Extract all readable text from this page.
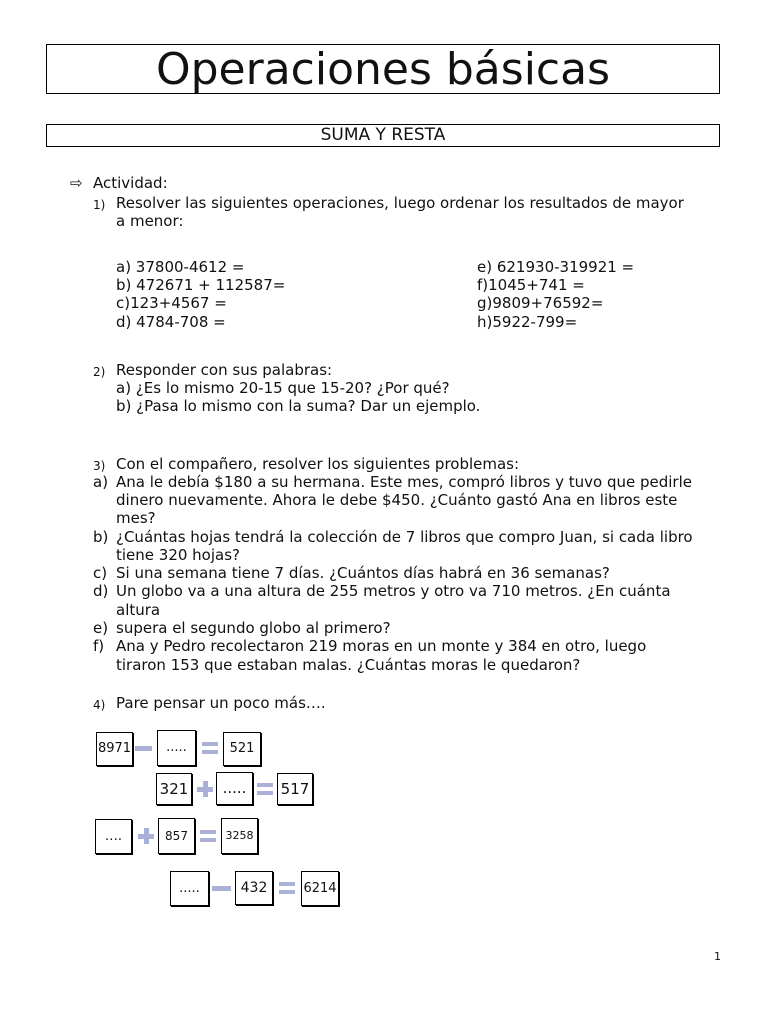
Operaciones básicas
SUMA Y RESTA
⇨ Actividad:
1) Resolver las siguientes operaciones, luego ordenar los resultados de mayor
a menor:
a) 37800-4612 =
b) 472671 + 112587=
c)123+4567 =
d) 4784-708 =
e) 621930-319921 =
f)1045+741 =
g)9809+76592=
h)5922-799=
2) Responder con sus palabras:
a) ¿Es lo mismo 20-15 que 15-20? ¿Por qué?
b) ¿Pasa lo mismo con la suma? Dar un ejemplo.
3) Con el compañero, resolver los siguientes problemas:
a) Ana le debía $180 a su hermana. Este mes, compró libros y tuvo que pedirle
dinero nuevamente. Ahora le debe $450. ¿Cuánto gastó Ana en libros este
mes?
b) ¿Cuántas hojas tendrá la colección de 7 libros que compro Juan, si cada libro
tiene 320 hojas?
c) Si una semana tiene 7 días. ¿Cuántos días habrá en 36 semanas?
d) Un globo va a una altura de 255 metros y otro va 710 metros. ¿En cuánta
altura
e) supera el segundo globo al primero?
f) Ana y Pedro recolectaron 219 moras en un monte y 384 en otro, luego
tiraron 153 que estaban malas. ¿Cuántas moras le quedaron?
4) Pare pensar un poco más….
8971	.....	521
321	.....	517
….	857	3258
.....	432	6214
1
